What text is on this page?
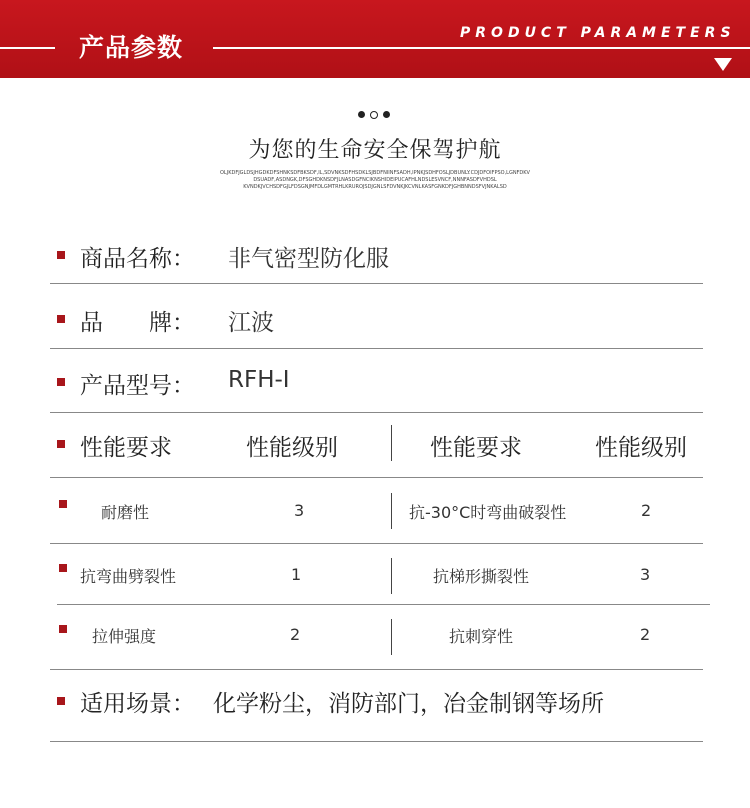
产品参数	PRODUCT PARAMETERS
为您的生命安全保驾护航
OLJKDFJGLDSJHGDKDFSHNKSDFBKSDF,IL,SDVNKSDFHSDKLSJBDFNIINFSADH,IPNKJSDHFOSLJDBUNLY.CDJDFOIFPSO,LGNFDKV
DSUADF,ASDNGK,DFSGHDKNSDFJLNASDGFNCIKNSHIDEIPUCAFHLNDSLESVNCF,NNNFASDFVHDSL
KVNDKJVCHSDFGJLFDSGNJMFDLGMTRHLKRUROJSDJGNLSFDVNKJKCVNLKASFGNKDFJGHBNNDSFVJNKALSD
商品名称： 非气密型防化服
品　　牌： 江波
产品型号： RFH-I
性能要求	性能级别	性能要求	性能级别
耐磨性	3	抗-30°C时弯曲破裂性	2
抗弯曲劈裂性	1	抗梯形撕裂性	3
拉伸强度	2	抗刺穿性	2
适用场景： 化学粉尘，消防部门，冶金制钢等场所
